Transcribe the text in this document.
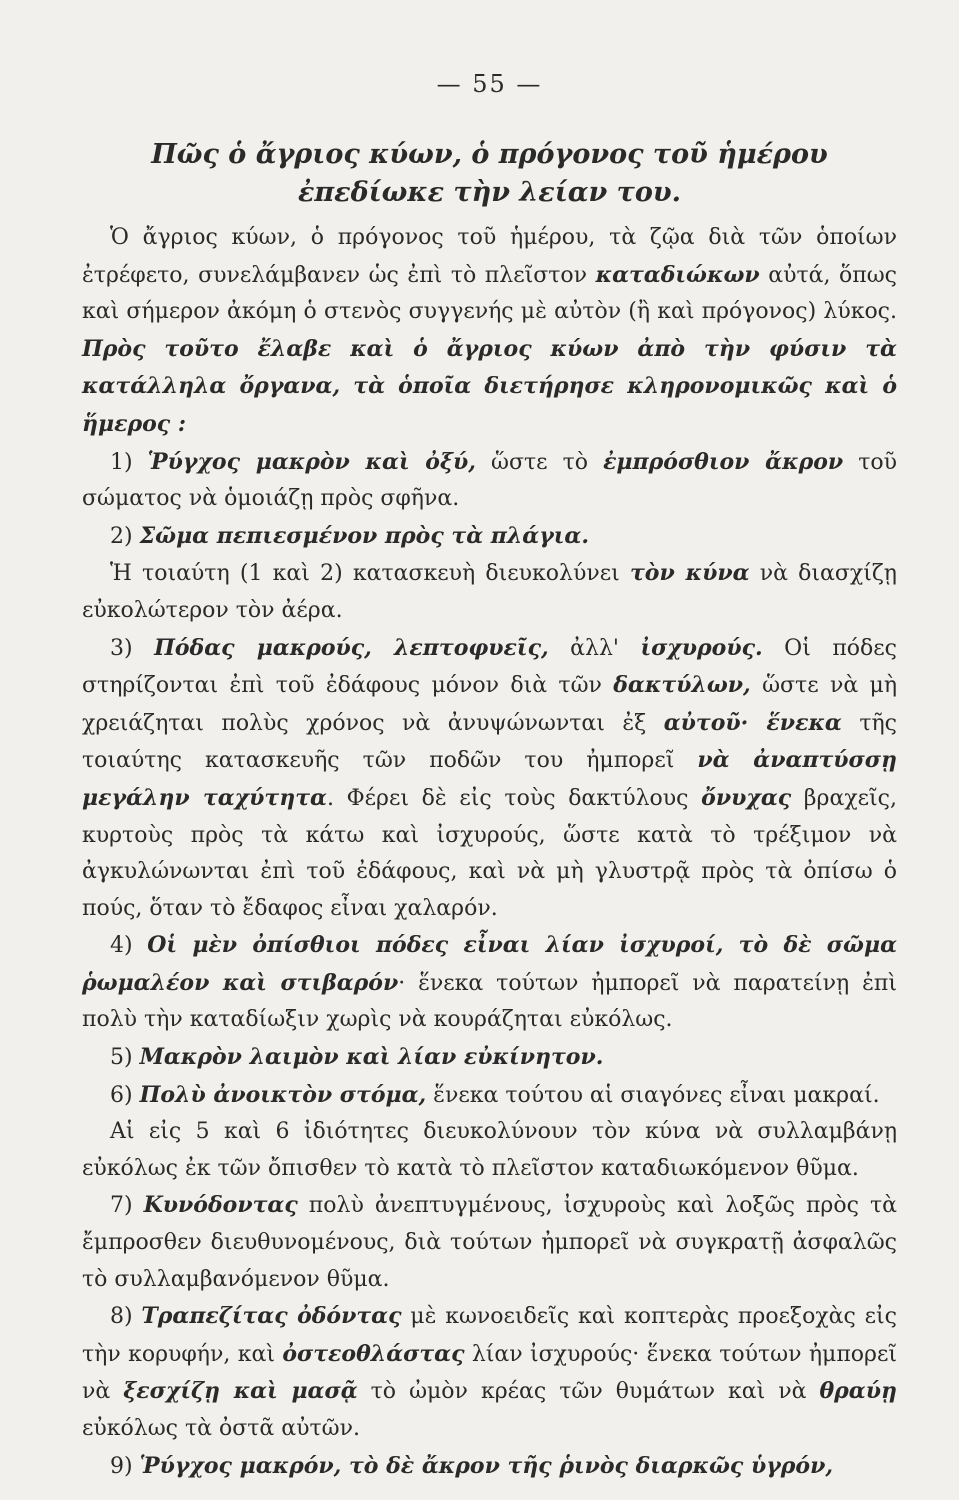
— 55 —
Πῶς ὁ ἄγριος κύων, ὁ πρόγονος τοῦ ἡμέρου
ἐπεδίωκε τὴν λείαν του.

Ὁ ἄγριος κύων, ὁ πρόγονος τοῦ ἡμέρου, τὰ ζῷα διὰ τῶν ὁποίων ἐτρέφετο, συνελάμβανεν ὡς ἐπὶ τὸ πλεῖστον καταδιώκων αὐτά, ὅπως καὶ σήμερον ἀκόμη ὁ στενὸς συγγενής μὲ αὐτὸν (ἢ καὶ πρόγονος) λύκος. Πρὸς τοῦτο ἔλαβε καὶ ὁ ἄγριος κύων ἀπὸ τὴν φύσιν τὰ κατάλληλα ὄργανα, τὰ ὁποῖα διετήρησε κληρονομικῶς καὶ ὁ ἥμερος :

1) Ῥύγχος μακρὸν καὶ ὀξύ, ὥστε τὸ ἐμπρόσθιον ἄκρον τοῦ σώματος νὰ ὁμοιάζῃ πρὸς σφῆνα.

2) Σῶμα πεπιεσμένον πρὸς τὰ πλάγια.

Ἡ τοιαύτη (1 καὶ 2) κατασκευὴ διευκολύνει τὸν κύνα νὰ διασχίζῃ εὐκολώτερον τὸν ἀέρα.

3) Πόδας μακρούς, λεπτοφυεῖς, ἀλλ' ἰσχυρούς. Οἱ πόδες στηρίζονται ἐπὶ τοῦ ἐδάφους μόνον διὰ τῶν δακτύλων, ὥστε νὰ μὴ χρειάζηται πολὺς χρόνος νὰ ἀνυψώνωνται ἐξ αὐτοῦ· ἕνεκα τῆς τοιαύτης κατασκευῆς τῶν ποδῶν του ἠμπορεῖ νὰ ἀναπτύσσῃ μεγάλην ταχύτητα. Φέρει δὲ εἰς τοὺς δακτύλους ὄνυχας βραχεῖς, κυρτοὺς πρὸς τὰ κάτω καὶ ἰσχυρούς, ὥστε κατὰ τὸ τρέξιμον νὰ ἀγκυλώνωνται ἐπὶ τοῦ ἐδάφους, καὶ νὰ μὴ γλυστρᾷ πρὸς τὰ ὀπίσω ὁ πούς, ὅταν τὸ ἔδαφος εἶναι χαλαρόν.

4) Οἱ μὲν ὀπίσθιοι πόδες εἶναι λίαν ἰσχυροί, τὸ δὲ σῶμα ῥωμαλέον καὶ στιβαρόν· ἕνεκα τούτων ἠμπορεῖ νὰ παρατείνῃ ἐπὶ πολὺ τὴν καταδίωξιν χωρὶς νὰ κουράζηται εὐκόλως.

5) Μακρὸν λαιμὸν καὶ λίαν εὐκίνητον.

6) Πολὺ ἀνοικτὸν στόμα, ἕνεκα τούτου αἱ σιαγόνες εἶναι μακραί.

Αἱ εἰς 5 καὶ 6 ἰδιότητες διευκολύνουν τὸν κύνα νὰ συλλαμβάνῃ εὐκόλως ἐκ τῶν ὄπισθεν τὸ κατὰ τὸ πλεῖστον καταδιωκόμενον θῦμα.

7) Κυνόδοντας πολὺ ἀνεπτυγμένους, ἰσχυροὺς καὶ λοξῶς πρὸς τὰ ἔμπροσθεν διευθυνομένους, διὰ τούτων ἠμπορεῖ νὰ συγκρατῇ ἀσφαλῶς τὸ συλλαμβανόμενον θῦμα.

8) Τραπεζίτας ὀδόντας μὲ κωνοειδεῖς καὶ κοπτερὰς προεξοχὰς εἰς τὴν κορυφήν, καὶ ὀστεοθλάστας λίαν ἰσχυρούς· ἕνεκα τούτων ἠμπορεῖ νὰ ξεσχίζῃ καὶ μασᾷ τὸ ὠμὸν κρέας τῶν θυμάτων καὶ νὰ θραύῃ εὐκόλως τὰ ὀστᾶ αὐτῶν.

9) Ῥύγχος μακρόν, τὸ δὲ ἄκρον τῆς ῥινὸς διαρκῶς ὑγρόν,
